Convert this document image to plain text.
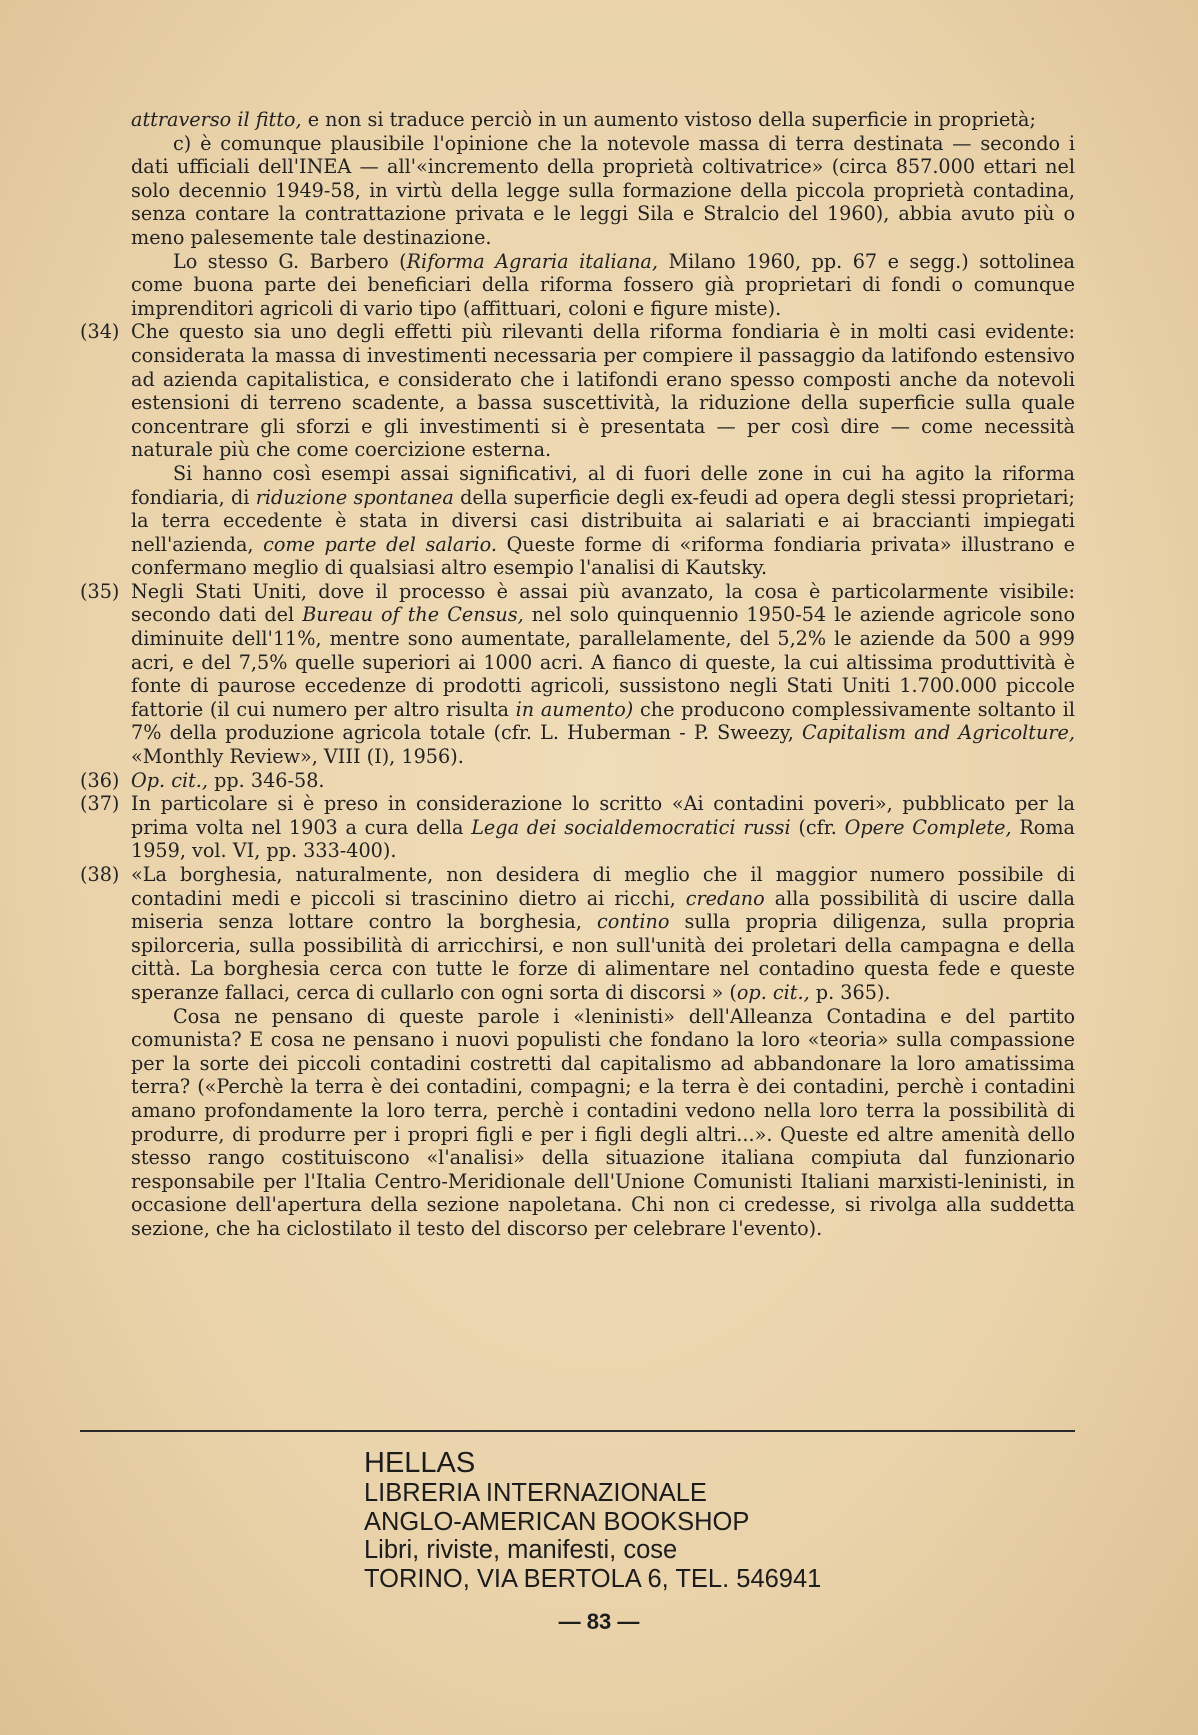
attraverso il fitto, e non si traduce perciò in un aumento vistoso della superficie in proprietà;

c) è comunque plausibile l'opinione che la notevole massa di terra destinata — secondo i dati ufficiali dell'INEA — all'«incremento della proprietà coltivatrice» (circa 857.000 ettari nel solo decennio 1949-58, in virtù della legge sulla formazione della piccola proprietà contadina, senza contare la contrattazione privata e le leggi Sila e Stralcio del 1960), abbia avuto più o meno palesemente tale destinazione.

Lo stesso G. Barbero (Riforma Agraria italiana, Milano 1960, pp. 67 e segg.) sottolinea come buona parte dei beneficiari della riforma fossero già proprietari di fondi o comunque imprenditori agricoli di vario tipo (affittuari, coloni e figure miste).

(34) Che questo sia uno degli effetti più rilevanti della riforma fondiaria è in molti casi evidente: considerata la massa di investimenti necessaria per compiere il passaggio da latifondo estensivo ad azienda capitalistica, e considerato che i latifondi erano spesso composti anche da notevoli estensioni di terreno scadente, a bassa suscettività, la riduzione della superficie sulla quale concentrare gli sforzi e gli investimenti si è presentata — per così dire — come necessità naturale più che come coercizione esterna.

Si hanno così esempi assai significativi, al di fuori delle zone in cui ha agito la riforma fondiaria, di riduzione spontanea della superficie degli ex-feudi ad opera degli stessi proprietari; la terra eccedente è stata in diversi casi distribuita ai salariati e ai braccianti impiegati nell'azienda, come parte del salario. Queste forme di «riforma fondiaria privata» illustrano e confermano meglio di qualsiasi altro esempio l'analisi di Kautsky.

(35) Negli Stati Uniti, dove il processo è assai più avanzato, la cosa è particolarmente visibile: secondo dati del Bureau of the Census, nel solo quinquennio 1950-54 le aziende agricole sono diminuite dell'11%, mentre sono aumentate, parallelamente, del 5,2% le aziende da 500 a 999 acri, e del 7,5% quelle superiori ai 1000 acri. A fianco di queste, la cui altissima produttività è fonte di paurose eccedenze di prodotti agricoli, sussistono negli Stati Uniti 1.700.000 piccole fattorie (il cui numero per altro risulta in aumento) che producono complessivamente soltanto il 7% della produzione agricola totale (cfr. L. Huberman - P. Sweezy, Capitalism and Agricolture, «Monthly Review», VIII (I), 1956).

(36) Op. cit., pp. 346-58.

(37) In particolare si è preso in considerazione lo scritto «Ai contadini poveri», pubblicato per la prima volta nel 1903 a cura della Lega dei socialdemocratici russi (cfr. Opere Complete, Roma 1959, vol. VI, pp. 333-400).

(38) «La borghesia, naturalmente, non desidera di meglio che il maggior numero possibile di contadini medi e piccoli si trascinino dietro ai ricchi, credano alla possibilità di uscire dalla miseria senza lottare contro la borghesia, contino sulla propria diligenza, sulla propria spilorceria, sulla possibilità di arricchirsi, e non sull'unità dei proletari della campagna e della città. La borghesia cerca con tutte le forze di alimentare nel contadino questa fede e queste speranze fallaci, cerca di cullarlo con ogni sorta di discorsi » (op. cit., p. 365).

Cosa ne pensano di queste parole i «leninisti» dell'Alleanza Contadina e del partito comunista? E cosa ne pensano i nuovi populisti che fondano la loro «teoria» sulla compassione per la sorte dei piccoli contadini costretti dal capitalismo ad abbandonare la loro amatissima terra? («Perchè la terra è dei contadini, compagni; e la terra è dei contadini, perchè i contadini amano profondamente la loro terra, perchè i contadini vedono nella loro terra la possibilità di produrre, di produrre per i propri figli e per i figli degli altri...». Queste ed altre amenità dello stesso rango costituiscono «l'analisi» della situazione italiana compiuta dal funzionario responsabile per l'Italia Centro-Meridionale dell'Unione Comunisti Italiani marxisti-leninisti, in occasione dell'apertura della sezione napoletana. Chi non ci credesse, si rivolga alla suddetta sezione, che ha ciclostilato il testo del discorso per celebrare l'evento).

HELLAS
LIBRERIA INTERNAZIONALE
ANGLO-AMERICAN BOOKSHOP
Libri, riviste, manifesti, cose
TORINO, VIA BERTOLA 6, TEL. 546941
— 83 —
